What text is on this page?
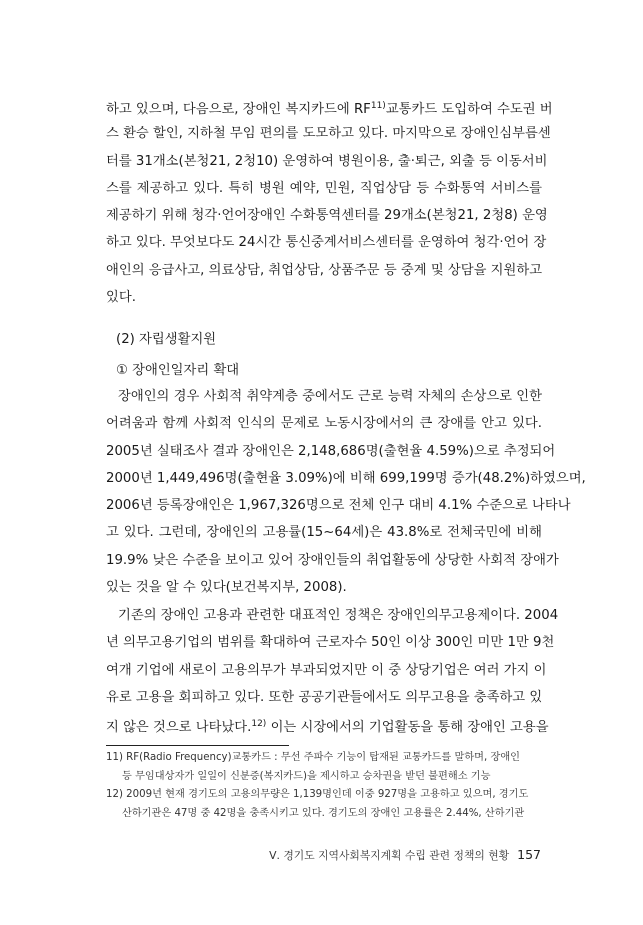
하고 있으며, 다음으로, 장애인 복지카드에 RF$^{11)}$교통카드 도입하여 수도권 버
스 환승 할인, 지하철 무임 편의를 도모하고 있다. 마지막으로 장애인심부름센
터를 31개소(본청21, 2청10) 운영하여 병원이용, 출·퇴근, 외출 등 이동서비
스를 제공하고 있다. 특히 병원 예약, 민원, 직업상담 등 수화통역 서비스를
제공하기 위해 청각·언어장애인 수화통역센터를 29개소(본청21, 2청8) 운영
하고 있다. 무엇보다도 24시간 통신중계서비스센터를 운영하여 청각·언어 장
애인의 응급사고, 의료상담, 취업상담, 상품주문 등 중계 및 상담을 지원하고
있다.
(2) 자립생활지원
① 장애인일자리 확대
장애인의 경우 사회적 취약계층 중에서도 근로 능력 자체의 손상으로 인한
어려움과 함께 사회적 인식의 문제로 노동시장에서의 큰 장애를 안고 있다.
2005년 실태조사 결과 장애인은 2,148,686명(출현율 4.59%)으로 추정되어
2000년 1,449,496명(출현율 3.09%)에 비해 699,199명 증가(48.2%)하였으며,
2006년 등록장애인은 1,967,326명으로 전체 인구 대비 4.1% 수준으로 나타나
고 있다. 그런데, 장애인의 고용률(15~64세)은 43.8%로 전체국민에 비해
19.9% 낮은 수준을 보이고 있어 장애인들의 취업활동에 상당한 사회적 장애가
있는 것을 알 수 있다(보건복지부, 2008).
기존의 장애인 고용과 관련한 대표적인 정책은 장애인의무고용제이다. 2004
년 의무고용기업의 범위를 확대하여 근로자수 50인 이상 300인 미만 1만 9천
여개 기업에 새로이 고용의무가 부과되었지만 이 중 상당기업은 여러 가지 이
유로 고용을 회피하고 있다. 또한 공공기관들에서도 의무고용을 충족하고 있
지 않은 것으로 나타났다.$^{12)}$ 이는 시장에서의 기업활동을 통해 장애인 고용을
11) RF(Radio Frequency)교통카드 : 무선 주파수 기능이 탑재된 교통카드를 말하며, 장애인
등 무임대상자가 일일이 신분증(복지카드)을 제시하고 승차권을 받던 불편해소 기능
12) 2009년 현재 경기도의 고용의무량은 1,139명인데 이중 927명을 고용하고 있으며, 경기도
산하기관은 47명 중 42명을 충족시키고 있다. 경기도의 장애인 고용률은 2.44%, 산하기관
Ⅴ. 경기도 지역사회복지계획 수립 관련 정책의 현황 157
